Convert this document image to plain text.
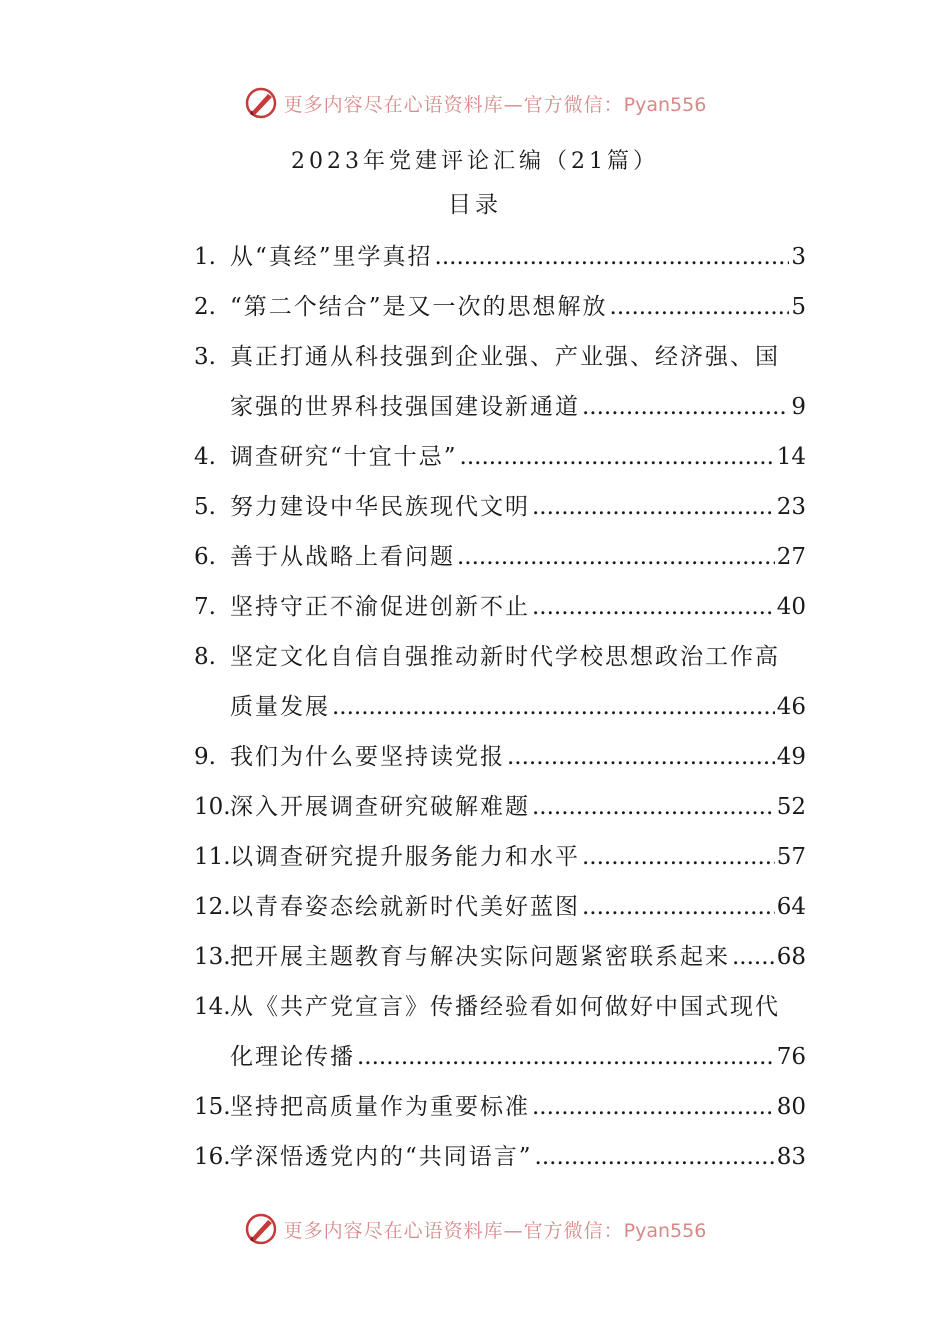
更多内容尽在心语资料库—官方微信：Pyan556
2023年党建评论汇编（21篇）
目录
1. 从“真经”里学真招 .....	3
2. “第二个结合”是又一次的思想解放 .....	5
3. 真正打通从科技强到企业强、产业强、经济强、国
家强的世界科技强国建设新通道 .....	9
4. 调查研究“十宜十忌” .....	14
5. 努力建设中华民族现代文明 .....	23
6. 善于从战略上看问题 .....	27
7. 坚持守正不渝促进创新不止 .....	40
8. 坚定文化自信自强推动新时代学校思想政治工作高
质量发展 .....	46
9. 我们为什么要坚持读党报 .....	49
10. 深入开展调查研究破解难题 .....	52
11. 以调查研究提升服务能力和水平 .....	57
12. 以青春姿态绘就新时代美好蓝图 .....	64
13. 把开展主题教育与解决实际问题紧密联系起来 ..... 68
14. 从《共产党宣言》传播经验看如何做好中国式现代
化理论传播 .....	76
15. 坚持把高质量作为重要标准 .....	80
16. 学深悟透党内的“共同语言” .....	83
更多内容尽在心语资料库—官方微信：Pyan556
